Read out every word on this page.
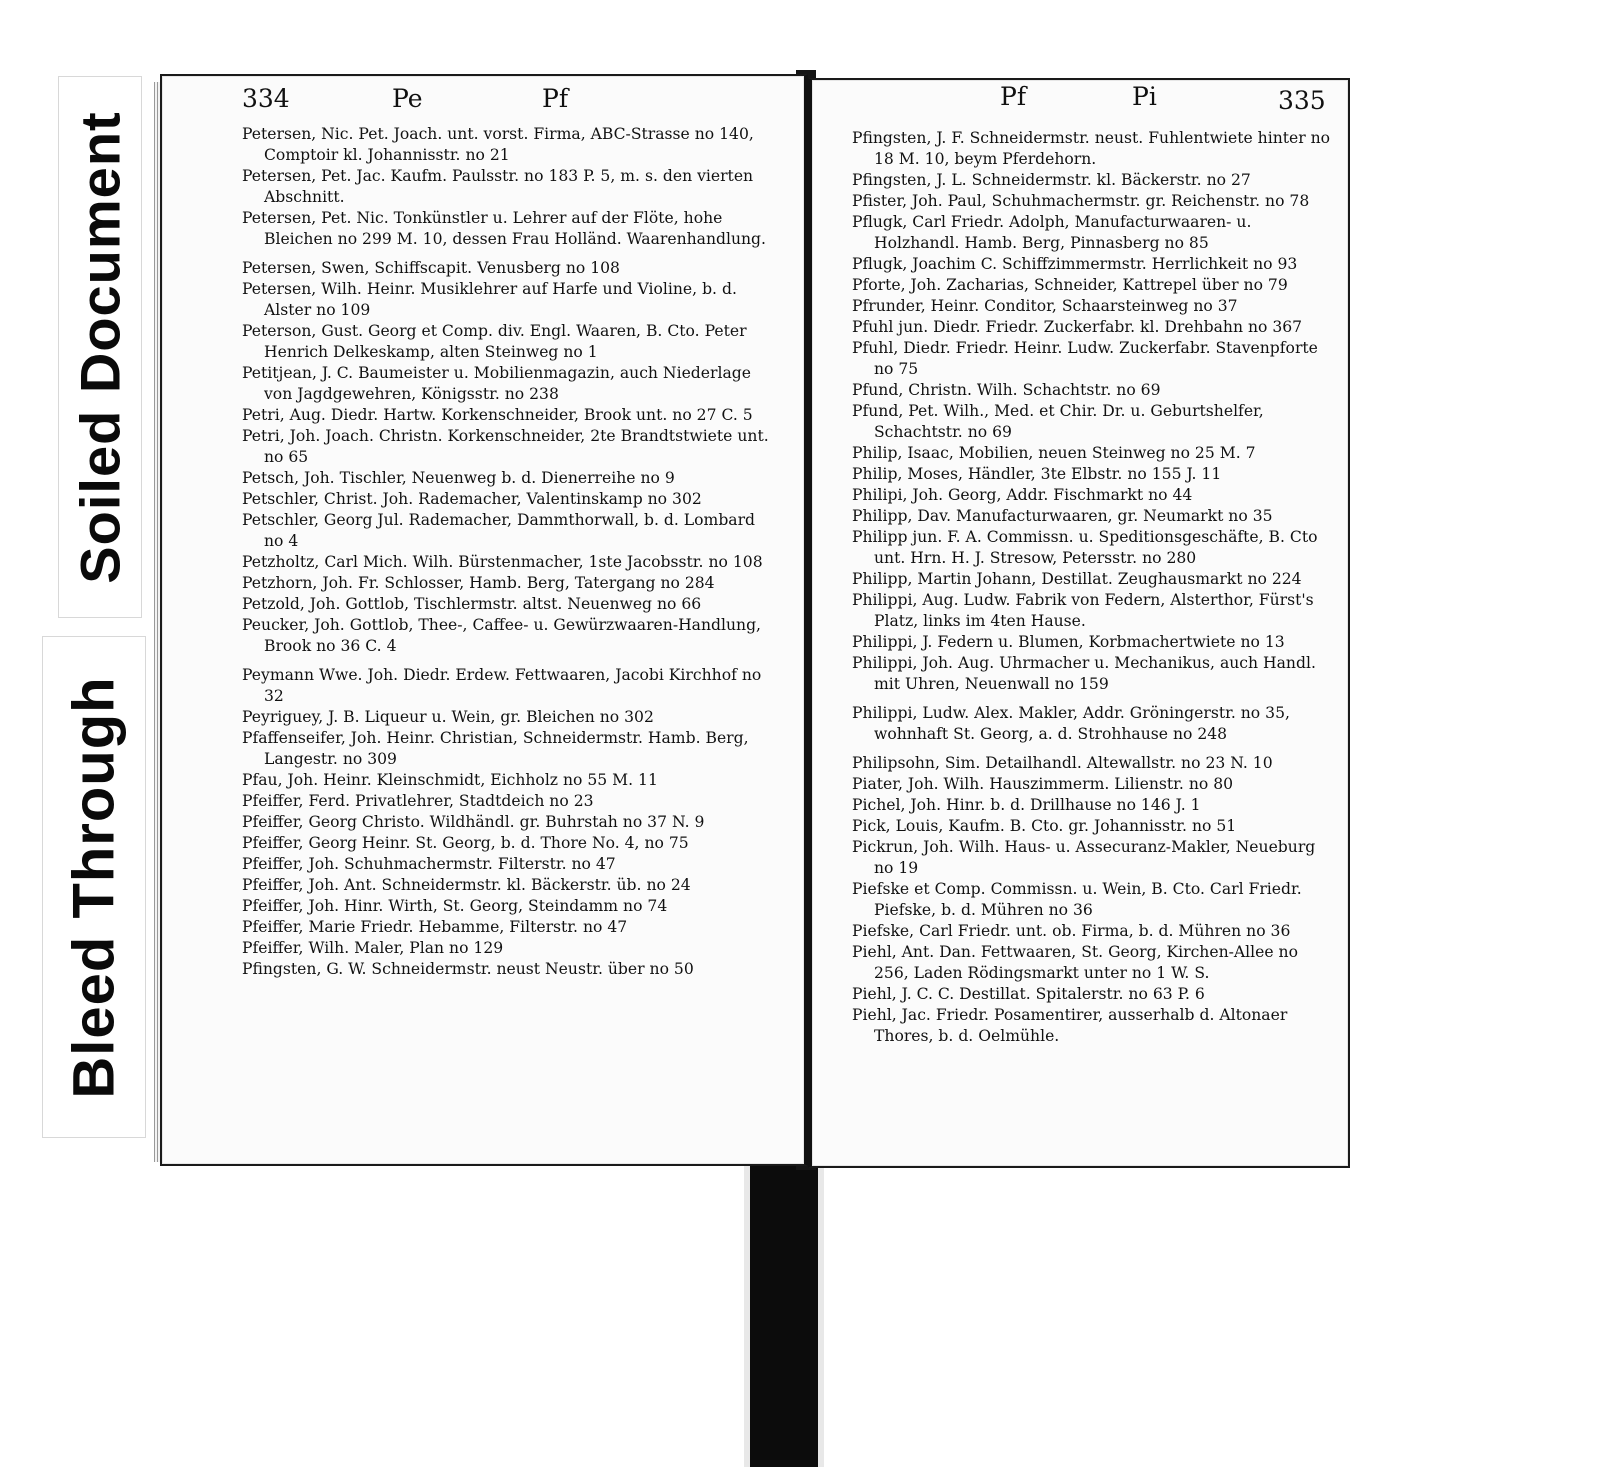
Soiled Document
Bleed Through
334	Pe	Pf

Petersen, Nic. Pet. Joach. unt. vorst. Firma, ABC-Strasse no 140, Comptoir kl. Johannisstr. no 21

Petersen, Pet. Jac. Kaufm. Paulsstr. no 183 P. 5, m. s. den vierten Abschnitt.

Petersen, Pet. Nic. Tonkünstler u. Lehrer auf der Flöte, hohe Bleichen no 299 M. 10, dessen Frau Holländ. Waarenhandlung.

Petersen, Swen, Schiffscapit. Venusberg no 108

Petersen, Wilh. Heinr. Musiklehrer auf Harfe und Violine, b. d. Alster no 109

Peterson, Gust. Georg et Comp. div. Engl. Waaren, B. Cto. Peter Henrich Delkeskamp, alten Steinweg no 1

Petitjean, J. C. Baumeister u. Mobilienmagazin, auch Niederlage von Jagdgewehren, Königsstr. no 238

Petri, Aug. Diedr. Hartw. Korkenschneider, Brook unt. no 27 C. 5

Petri, Joh. Joach. Christn. Korkenschneider, 2te Brandtstwiete unt. no 65

Petsch, Joh. Tischler, Neuenweg b. d. Dienerreihe no 9

Petschler, Christ. Joh. Rademacher, Valentinskamp no 302

Petschler, Georg Jul. Rademacher, Dammthorwall, b. d. Lombard no 4

Petzholtz, Carl Mich. Wilh. Bürstenmacher, 1ste Jacobsstr. no 108

Petzhorn, Joh. Fr. Schlosser, Hamb. Berg, Tatergang no 284

Petzold, Joh. Gottlob, Tischlermstr. altst. Neuenweg no 66

Peucker, Joh. Gottlob, Thee-, Caffee- u. Gewürzwaaren-Handlung, Brook no 36 C. 4

Peymann Wwe. Joh. Diedr. Erdew. Fettwaaren, Jacobi Kirchhof no 32

Peyriguey, J. B. Liqueur u. Wein, gr. Bleichen no 302

Pfaffenseifer, Joh. Heinr. Christian, Schneidermstr. Hamb. Berg, Langestr. no 309

Pfau, Joh. Heinr. Kleinschmidt, Eichholz no 55 M. 11

Pfeiffer, Ferd. Privatlehrer, Stadtdeich no 23

Pfeiffer, Georg Christo. Wildhändl. gr. Buhrstah no 37 N. 9

Pfeiffer, Georg Heinr. St. Georg, b. d. Thore No. 4, no 75

Pfeiffer, Joh. Schuhmachermstr. Filterstr. no 47

Pfeiffer, Joh. Ant. Schneidermstr. kl. Bäckerstr. üb. no 24

Pfeiffer, Joh. Hinr. Wirth, St. Georg, Steindamm no 74

Pfeiffer, Marie Friedr. Hebamme, Filterstr. no 47

Pfeiffer, Wilh. Maler, Plan no 129

Pfingsten, G. W. Schneidermstr. neust Neustr. über no 50

Pf	Pi	335

Pfingsten, J. F. Schneidermstr. neust. Fuhlentwiete hinter no 18 M. 10, beym Pferdehorn.

Pfingsten, J. L. Schneidermstr. kl. Bäckerstr. no 27

Pfister, Joh. Paul, Schuhmachermstr. gr. Reichenstr. no 78

Pflugk, Carl Friedr. Adolph, Manufacturwaaren- u. Holzhandl. Hamb. Berg, Pinnasberg no 85

Pflugk, Joachim C. Schiffzimmermstr. Herrlichkeit no 93

Pforte, Joh. Zacharias, Schneider, Kattrepel über no 79

Pfrunder, Heinr. Conditor, Schaarsteinweg no 37

Pfuhl jun. Diedr. Friedr. Zuckerfabr. kl. Drehbahn no 367

Pfuhl, Diedr. Friedr. Heinr. Ludw. Zuckerfabr. Stavenpforte no 75

Pfund, Christn. Wilh. Schachtstr. no 69

Pfund, Pet. Wilh., Med. et Chir. Dr. u. Geburtshelfer, Schachtstr. no 69

Philip, Isaac, Mobilien, neuen Steinweg no 25 M. 7

Philip, Moses, Händler, 3te Elbstr. no 155 J. 11

Philipi, Joh. Georg, Addr. Fischmarkt no 44

Philipp, Dav. Manufacturwaaren, gr. Neumarkt no 35

Philipp jun. F. A. Commissn. u. Speditionsgeschäfte, B. Cto unt. Hrn. H. J. Stresow, Petersstr. no 280

Philipp, Martin Johann, Destillat. Zeughausmarkt no 224

Philippi, Aug. Ludw. Fabrik von Federn, Alsterthor, Fürst's Platz, links im 4ten Hause.

Philippi, J. Federn u. Blumen, Korbmachertwiete no 13

Philippi, Joh. Aug. Uhrmacher u. Mechanikus, auch Handl. mit Uhren, Neuenwall no 159

Philippi, Ludw. Alex. Makler, Addr. Gröningerstr. no 35, wohnhaft St. Georg, a. d. Strohhause no 248

Philipsohn, Sim. Detailhandl. Altewallstr. no 23 N. 10

Piater, Joh. Wilh. Hauszimmerm. Lilienstr. no 80

Pichel, Joh. Hinr. b. d. Drillhause no 146 J. 1

Pick, Louis, Kaufm. B. Cto. gr. Johannisstr. no 51

Pickrun, Joh. Wilh. Haus- u. Assecuranz-Makler, Neueburg no 19

Piefske et Comp. Commissn. u. Wein, B. Cto. Carl Friedr. Piefske, b. d. Mühren no 36

Piefske, Carl Friedr. unt. ob. Firma, b. d. Mühren no 36

Piehl, Ant. Dan. Fettwaaren, St. Georg, Kirchen-Allee no 256, Laden Rödingsmarkt unter no 1 W. S.

Piehl, J. C. C. Destillat. Spitalerstr. no 63 P. 6

Piehl, Jac. Friedr. Posamentirer, ausserhalb d. Altonaer Thores, b. d. Oelmühle.
